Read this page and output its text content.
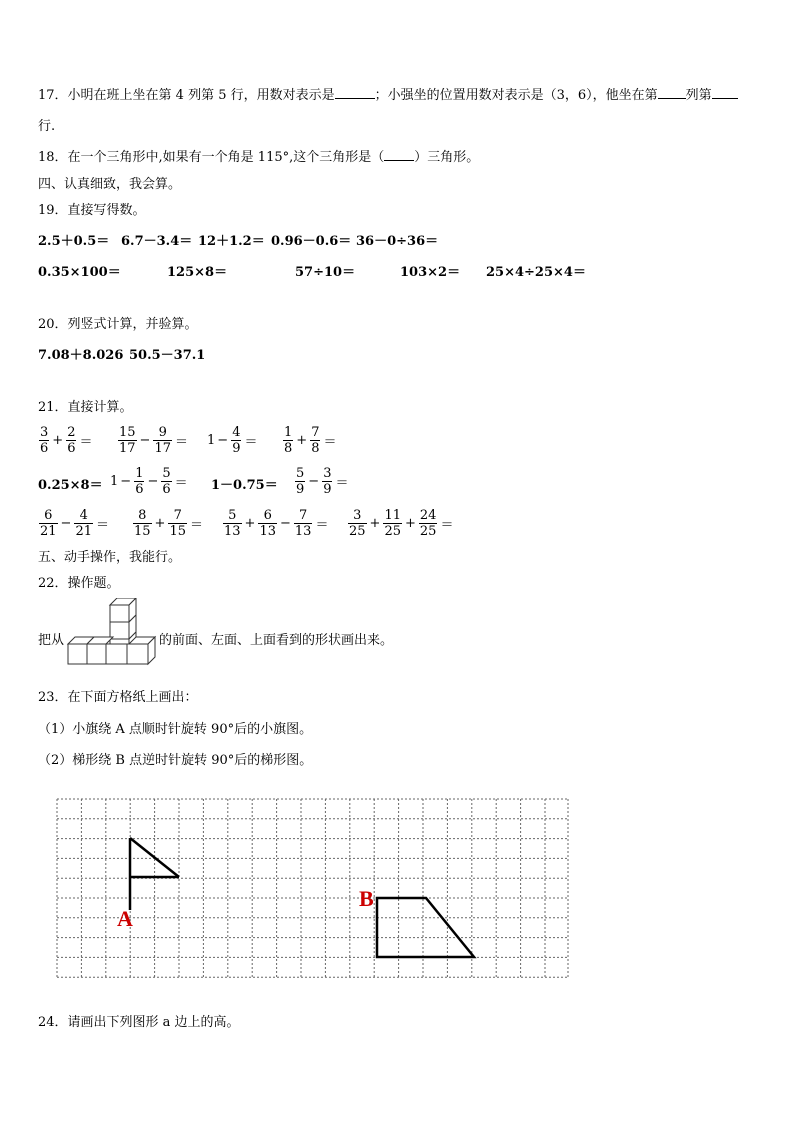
17．小明在班上坐在第 4 列第 5 行，用数对表示是	；小强坐的位置用数对表示是（3，6），他坐在第 列第
行.
18．在一个三角形中,如果有一个角是 115°,这个三角形是（ ）三角形。
四、认真细致，我会算。
19．直接写得数。
2.5＋0.5＝ 6.7－3.4＝ 12＋1.2＝ 0.96－0.6＝ 36－0÷36＝
0.35×100＝	125×8＝	57÷10＝	103×2＝ 25×4÷25×4＝
20．列竖式计算，并验算。
7.08＋8.026 50.5－37.1
21．直接计算。
$\frac{3}{6} + \frac{2}{6} = \frac{15}{17} - \frac{9}{17} = 1 - \frac{4}{9} = \frac{1}{8} + \frac{7}{8}$ ＝
$0.25\times 8= 1 - \frac{1}{6} - \frac{5}{6} = 1-0.75= \frac{5}{9} - \frac{3}{9}$ ＝
$\frac{6}{21} - \frac{4}{21} = \frac{8}{15} + \frac{7}{15} = \frac{5}{13} + \frac{6}{13} - \frac{7}{13} = \frac{3}{25} + \frac{11}{25} + \frac{24}{25}$ ＝
五、动手操作，我能行。
22．操作题。
把从	的前面、左面、上面看到的形状画出来。
23．在下面方格纸上画出：
（1）小旗绕 A 点顺时针旋转 90°后的小旗图。
（2）梯形绕 B 点逆时针旋转 90°后的梯形图。
A
B
24．请画出下列图形 a 边上的高。
